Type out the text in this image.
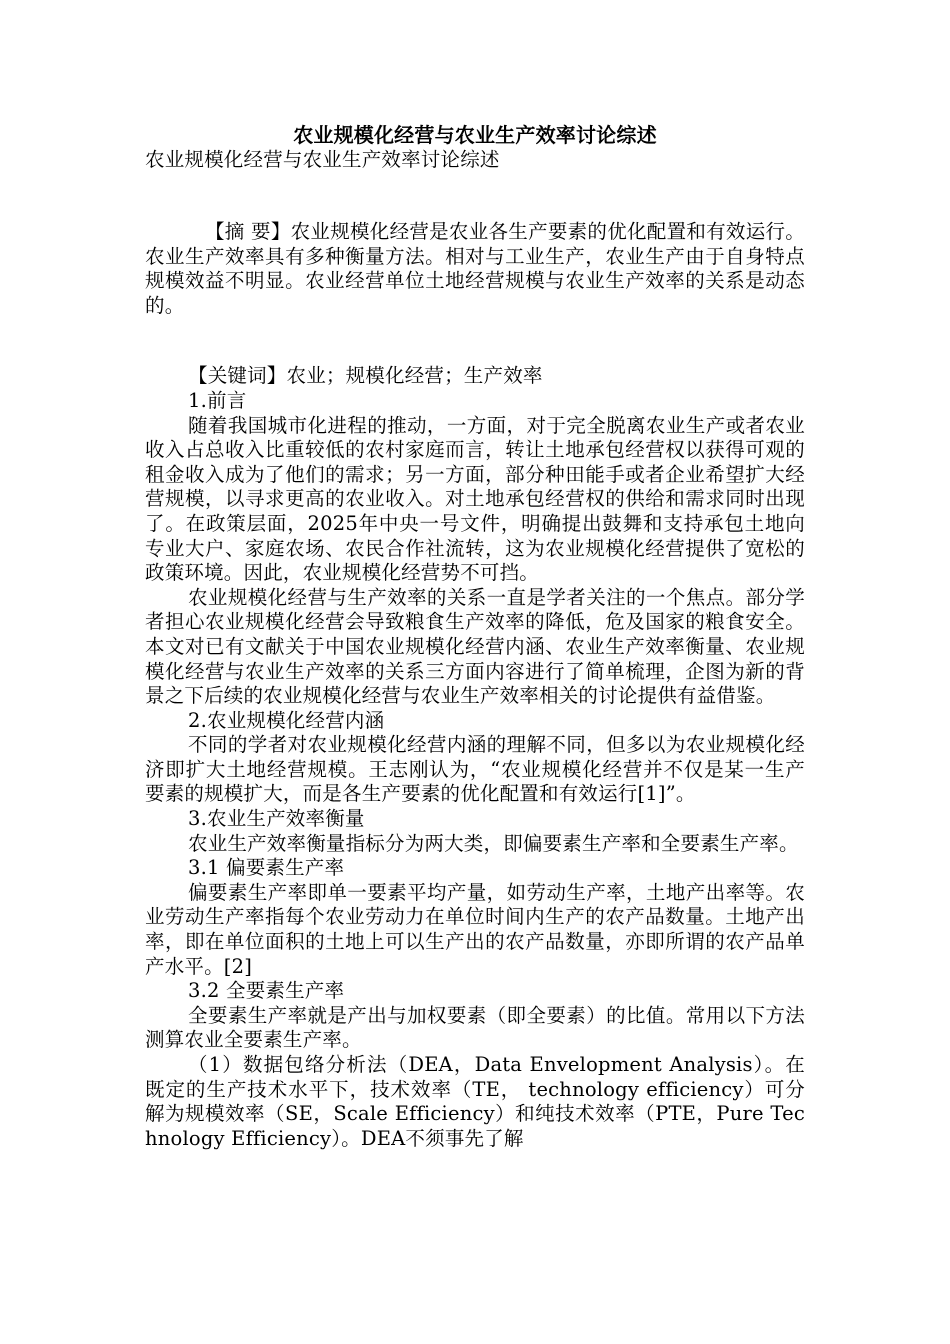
农业规模化经营与农业生产效率讨论综述
农业规模化经营与农业生产效率讨论综述

【摘 要】农业规模化经营是农业各生产要素的优化配置和有效运行。农业生产效率具有多种衡量方法。相对与工业生产，农业生产由于自身特点规模效益不明显。农业经营单位土地经营规模与农业生产效率的关系是动态的。

【关键词】农业；规模化经营；生产效率

1.前言

随着我国城市化进程的推动，一方面，对于完全脱离农业生产或者农业收入占总收入比重较低的农村家庭而言，转让土地承包经营权以获得可观的租金收入成为了他们的需求；另一方面，部分种田能手或者企业希望扩大经营规模，以寻求更高的农业收入。对土地承包经营权的供给和需求同时出现了。在政策层面，2025年中央一号文件，明确提出鼓舞和支持承包土地向专业大户、家庭农场、农民合作社流转，这为农业规模化经营提供了宽松的政策环境。因此，农业规模化经营势不可挡。

农业规模化经营与生产效率的关系一直是学者关注的一个焦点。部分学者担心农业规模化经营会导致粮食生产效率的降低，危及国家的粮食安全。本文对已有文献关于中国农业规模化经营内涵、农业生产效率衡量、农业规模化经营与农业生产效率的关系三方面内容进行了简单梳理，企图为新的背景之下后续的农业规模化经营与农业生产效率相关的讨论提供有益借鉴。

2.农业规模化经营内涵

不同的学者对农业规模化经营内涵的理解不同，但多以为农业规模化经济即扩大土地经营规模。王志刚认为，“农业规模化经营并不仅是某一生产要素的规模扩大，而是各生产要素的优化配置和有效运行[1]”。

3.农业生产效率衡量

农业生产效率衡量指标分为两大类，即偏要素生产率和全要素生产率。

3.1 偏要素生产率

偏要素生产率即单一要素平均产量，如劳动生产率，土地产出率等。农业劳动生产率指每个农业劳动力在单位时间内生产的农产品数量。土地产出率，即在单位面积的土地上可以生产出的农产品数量，亦即所谓的农产品单产水平。[2]

3.2 全要素生产率

全要素生产率就是产出与加权要素（即全要素）的比值。常用以下方法测算农业全要素生产率。

（1）数据包络分析法（DEA，Data Envelopment Analysis）。在既定的生产技术水平下，技术效率（TE， technology efficiency）可分解为规模效率（SE，Scale Efficiency）和纯技术效率（PTE，Pure Technology Efficiency）。DEA不须事先了解
